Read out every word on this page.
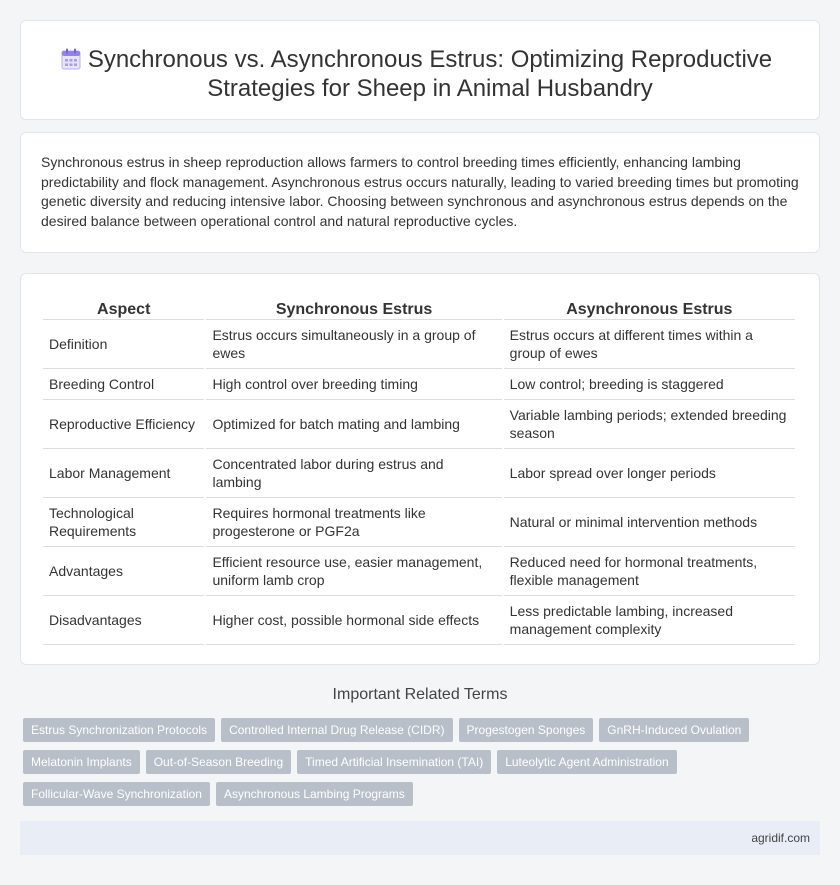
Synchronous vs. Asynchronous Estrus: Optimizing Reproductive Strategies for Sheep in Animal Husbandry

Synchronous estrus in sheep reproduction allows farmers to control breeding times efficiently, enhancing lambing predictability and flock management. Asynchronous estrus occurs naturally, leading to varied breeding times but promoting genetic diversity and reducing intensive labor. Choosing between synchronous and asynchronous estrus depends on the desired balance between operational control and natural reproductive cycles.

Aspect	Synchronous Estrus	Asynchronous Estrus
Definition	Estrus occurs simultaneously in a group of ewes	Estrus occurs at different times within a group of ewes
Breeding Control	High control over breeding timing	Low control; breeding is staggered
Reproductive Efficiency	Optimized for batch mating and lambing	Variable lambing periods; extended breeding season
Labor Management	Concentrated labor during estrus and lambing	Labor spread over longer periods
Technological Requirements	Requires hormonal treatments like progesterone or PGF2a	Natural or minimal intervention methods
Advantages	Efficient resource use, easier management, uniform lamb crop	Reduced need for hormonal treatments, flexible management
Disadvantages	Higher cost, possible hormonal side effects	Less predictable lambing, increased management complexity
Important Related Terms
Estrus Synchronization Protocols	Controlled Internal Drug Release (CIDR)	Progestogen Sponges	GnRH-Induced Ovulation
Melatonin Implants	Out-of-Season Breeding	Timed Artificial Insemination (TAI)	Luteolytic Agent Administration
Follicular-Wave Synchronization	Asynchronous Lambing Programs
agridif.com
